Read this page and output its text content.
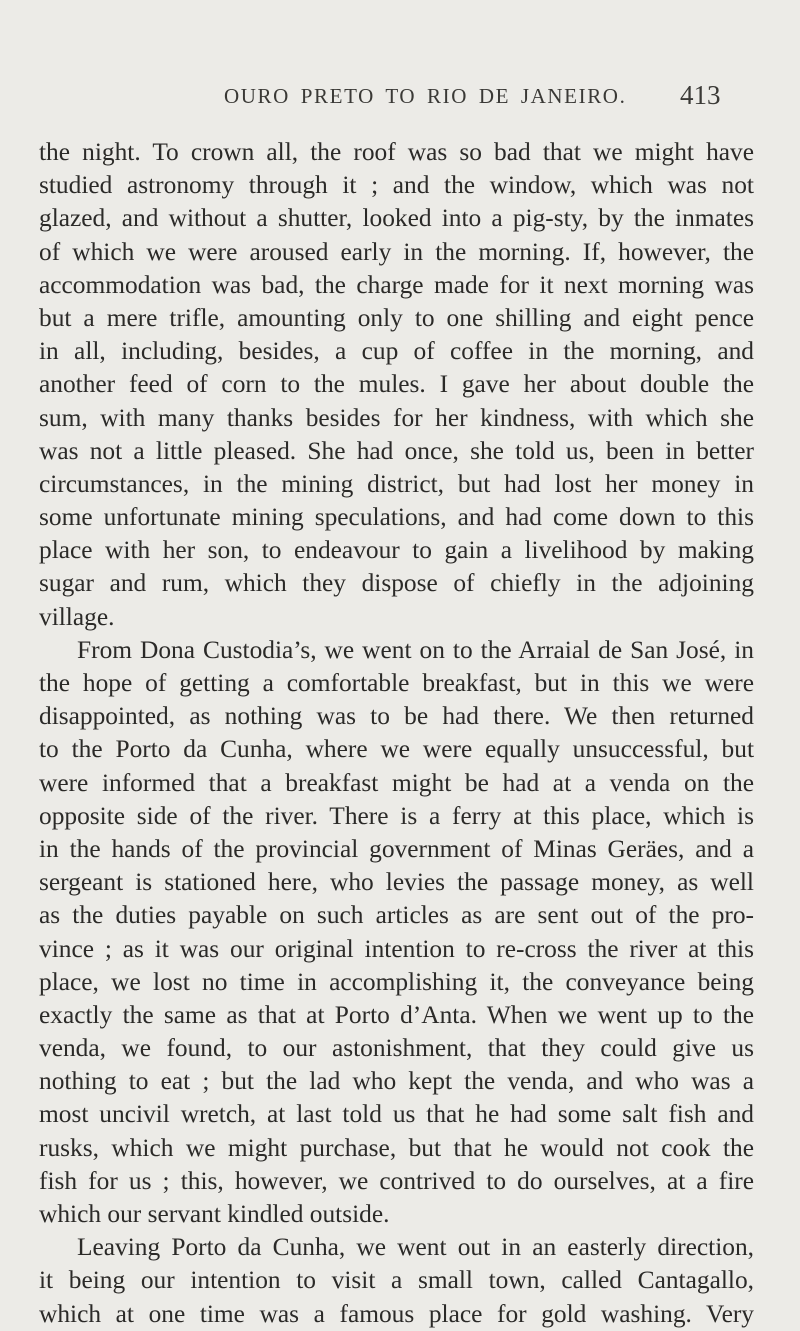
OURO PRETO TO RIO DE JANEIRO. 413
the night. To crown all, the roof was so bad that we might have
studied astronomy through it ; and the window, which was not
glazed, and without a shutter, looked into a pig-sty, by the inmates
of which we were aroused early in the morning. If, however, the
accommodation was bad, the charge made for it next morning was
but a mere trifle, amounting only to one shilling and eight pence
in all, including, besides, a cup of coffee in the morning, and
another feed of corn to the mules. I gave her about double the
sum, with many thanks besides for her kindness, with which she
was not a little pleased. She had once, she told us, been in better
circumstances, in the mining district, but had lost her money in
some unfortunate mining speculations, and had come down to this
place with her son, to endeavour to gain a livelihood by making
sugar and rum, which they dispose of chiefly in the adjoining
village.
From Dona Custodia’s, we went on to the Arraial de San José, in
the hope of getting a comfortable breakfast, but in this we were
disappointed, as nothing was to be had there. We then returned
to the Porto da Cunha, where we were equally unsuccessful, but
were informed that a breakfast might be had at a venda on the
opposite side of the river. There is a ferry at this place, which is
in the hands of the provincial government of Minas Geräes, and a
sergeant is stationed here, who levies the passage money, as well
as the duties payable on such articles as are sent out of the pro-
vince ; as it was our original intention to re-cross the river at this
place, we lost no time in accomplishing it, the conveyance being
exactly the same as that at Porto d’Anta. When we went up to the
venda, we found, to our astonishment, that they could give us
nothing to eat ; but the lad who kept the venda, and who was a
most uncivil wretch, at last told us that he had some salt fish and
rusks, which we might purchase, but that he would not cook the
fish for us ; this, however, we contrived to do ourselves, at a fire
which our servant kindled outside.
Leaving Porto da Cunha, we went out in an easterly direction,
it being our intention to visit a small town, called Cantagallo,
which at one time was a famous place for gold washing. Very
